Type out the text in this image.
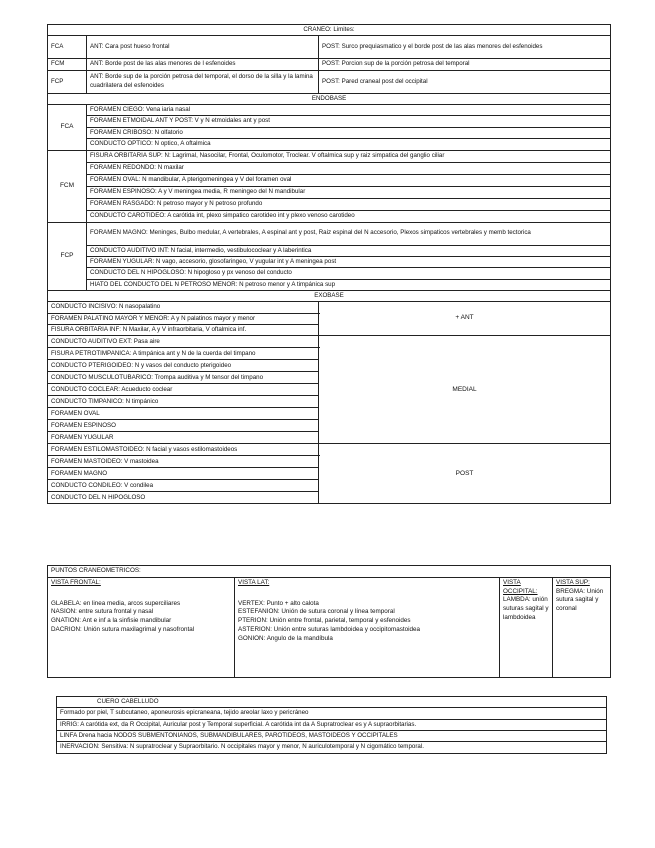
CRANEO: Limites:		
FCA	ANT: Cara post hueso frontal	POST: Surco prequiasmatico y el borde post de las alas menores del esfenoides
FCM	ANT: Borde post de las alas menores de l esfenoides	POST: Porcion sup de la porción petrosa del temporal
FCP	ANT: Borde sup de la porción petrosa del temporal, el dorso de la silla y la lamina cuadrilatera del esfenoides	POST: Pared craneal post del occipital
ENDOBASE		
FCA	FORAMEN CIEGO: Vena iaria nasal	
	FORAMEN ETMOIDAL ANT Y POST: V y N etmoidales ant y post	
	FORAMEN CRIBOSO: N olfatorio	
	CONDUCTO OPTICO: N optico, A oftalmica	
FCM	FISURA ORBITARIA SUP: N: Lagrimal, Nasocilar, Frontal, Oculomotor, Troclear. V oftalmica sup y raiz simpatica del ganglio ciliar	
	FORAMEN REDONDO: N maxilar	
	FORAMEN OVAL: N mandibular, A pterigomeningea y V del foramen oval	
	FORAMEN ESPINOSO: A y V meningea media, R meningeo del N mandibular	
	FORAMEN RASGADO: N petroso mayor y N petroso profundo	
	CONDUCTO CAROTIDEO: A carótida int, plexo simpatico carotideo int y plexo venoso carotideo	
FCP	FORAMEN MAGNO: Meninges, Bulbo medular, A vertebrales, A espinal ant y post, Raiz espinal del N accesorio, Plexos simpaticos vertebrales y memb tectorica	
	CONDUCTO AUDITIVO INT: N facial, intermedio, vestibulococlear y A laberintica	
	FORAMEN YUGULAR: N vago, accesorio, glosofaringeo, V yugular int y A meningea post	
	CONDUCTO DEL N HIPOGLOSO: N hipogloso y px venoso del conducto	
	HIATO DEL CONDUCTO DEL N PETROSO MENOR: N petroso menor y A timpánica sup	
EXOBASE		
CONDUCTO INCISIVO: N nasopalatino		+ ANT
FORAMEN PALATINO MAYOR Y MENOR: A y N palatinos mayor y menor		
FISURA ORBITARIA INF: N Maxilar, A y V infraorbitaria, V oftalmica inf.		
CONDUCTO AUDITIVO EXT: Pasa aire		MEDIAL
FISURA PETROTIMPANICA: A timpánica ant y N de la cuerda del timpano		
CONDUCTO PTERIGOIDEO: N y vasos del conducto pterigoideo		
CONDUCTO MUSCULOTUBARICO: Trompa auditiva y M tensor del timpano		
CONDUCTO COCLEAR: Acueducto coclear		
CONDUCTO TIMPANICO: N timpánico		
FORAMEN OVAL		
FORAMEN ESPINOSO		
FORAMEN YUGULAR		
FORAMEN ESTILOMASTOIDEO: N facial y vasos estilomastoideos		POST
FORAMEN MASTOIDEO: V mastoidea		
FORAMEN MAGNO		
CONDUCTO CONDILEO: V condilea		
CONDUCTO DEL N HIPOGLOSO		
PUNTOS CRANEOMETRICOS:

VISTA FRONTAL:
GLABELA: en linea media, arcos superciliares
NASION: entre sutura frontal y nasal
GNATION: Ant e inf a la sinfisie mandibular
DACRION: Unión sutura maxilagrimal y nasofrontal

VISTA LAT:
VERTEX: Punto + alto calota
ESTEFANION: Unión de sutura coronal y línea temporal
PTERION: Unión entre frontal, parietal, temporal y esfenoides
ASTERION: Unión entre suturas lambdoidea y occipitomastoidea
GONION: Angulo de la mandíbula

VISTA OCCIPITAL:
LAMBDA: unión suturas sagital y lambdoidea

VISTA SUP:
BREGMA: Unión sutura sagital y coronal
CUERO CABELLUDO
Formado por piel, T subcutaneo, aponeurosis epicraneana, tejido areolar laxo y pericráneo
IRRIG: A carótida ext, da R Occipital, Auricular post y Temporal superficial. A carótida int da A Supratroclear es y A supraorbitarias.
LINFA Drena hacia NODOS SUBMENTONIANOS, SUBMANDIBULARES, PAROTIDEOS, MASTOIDEOS Y OCCIPITALES
INERVACION: Sensitiva: N supratroclear y Supraorbitario. N occipitales mayor y menor, N auriculotemporal y N cigomático temporal.
